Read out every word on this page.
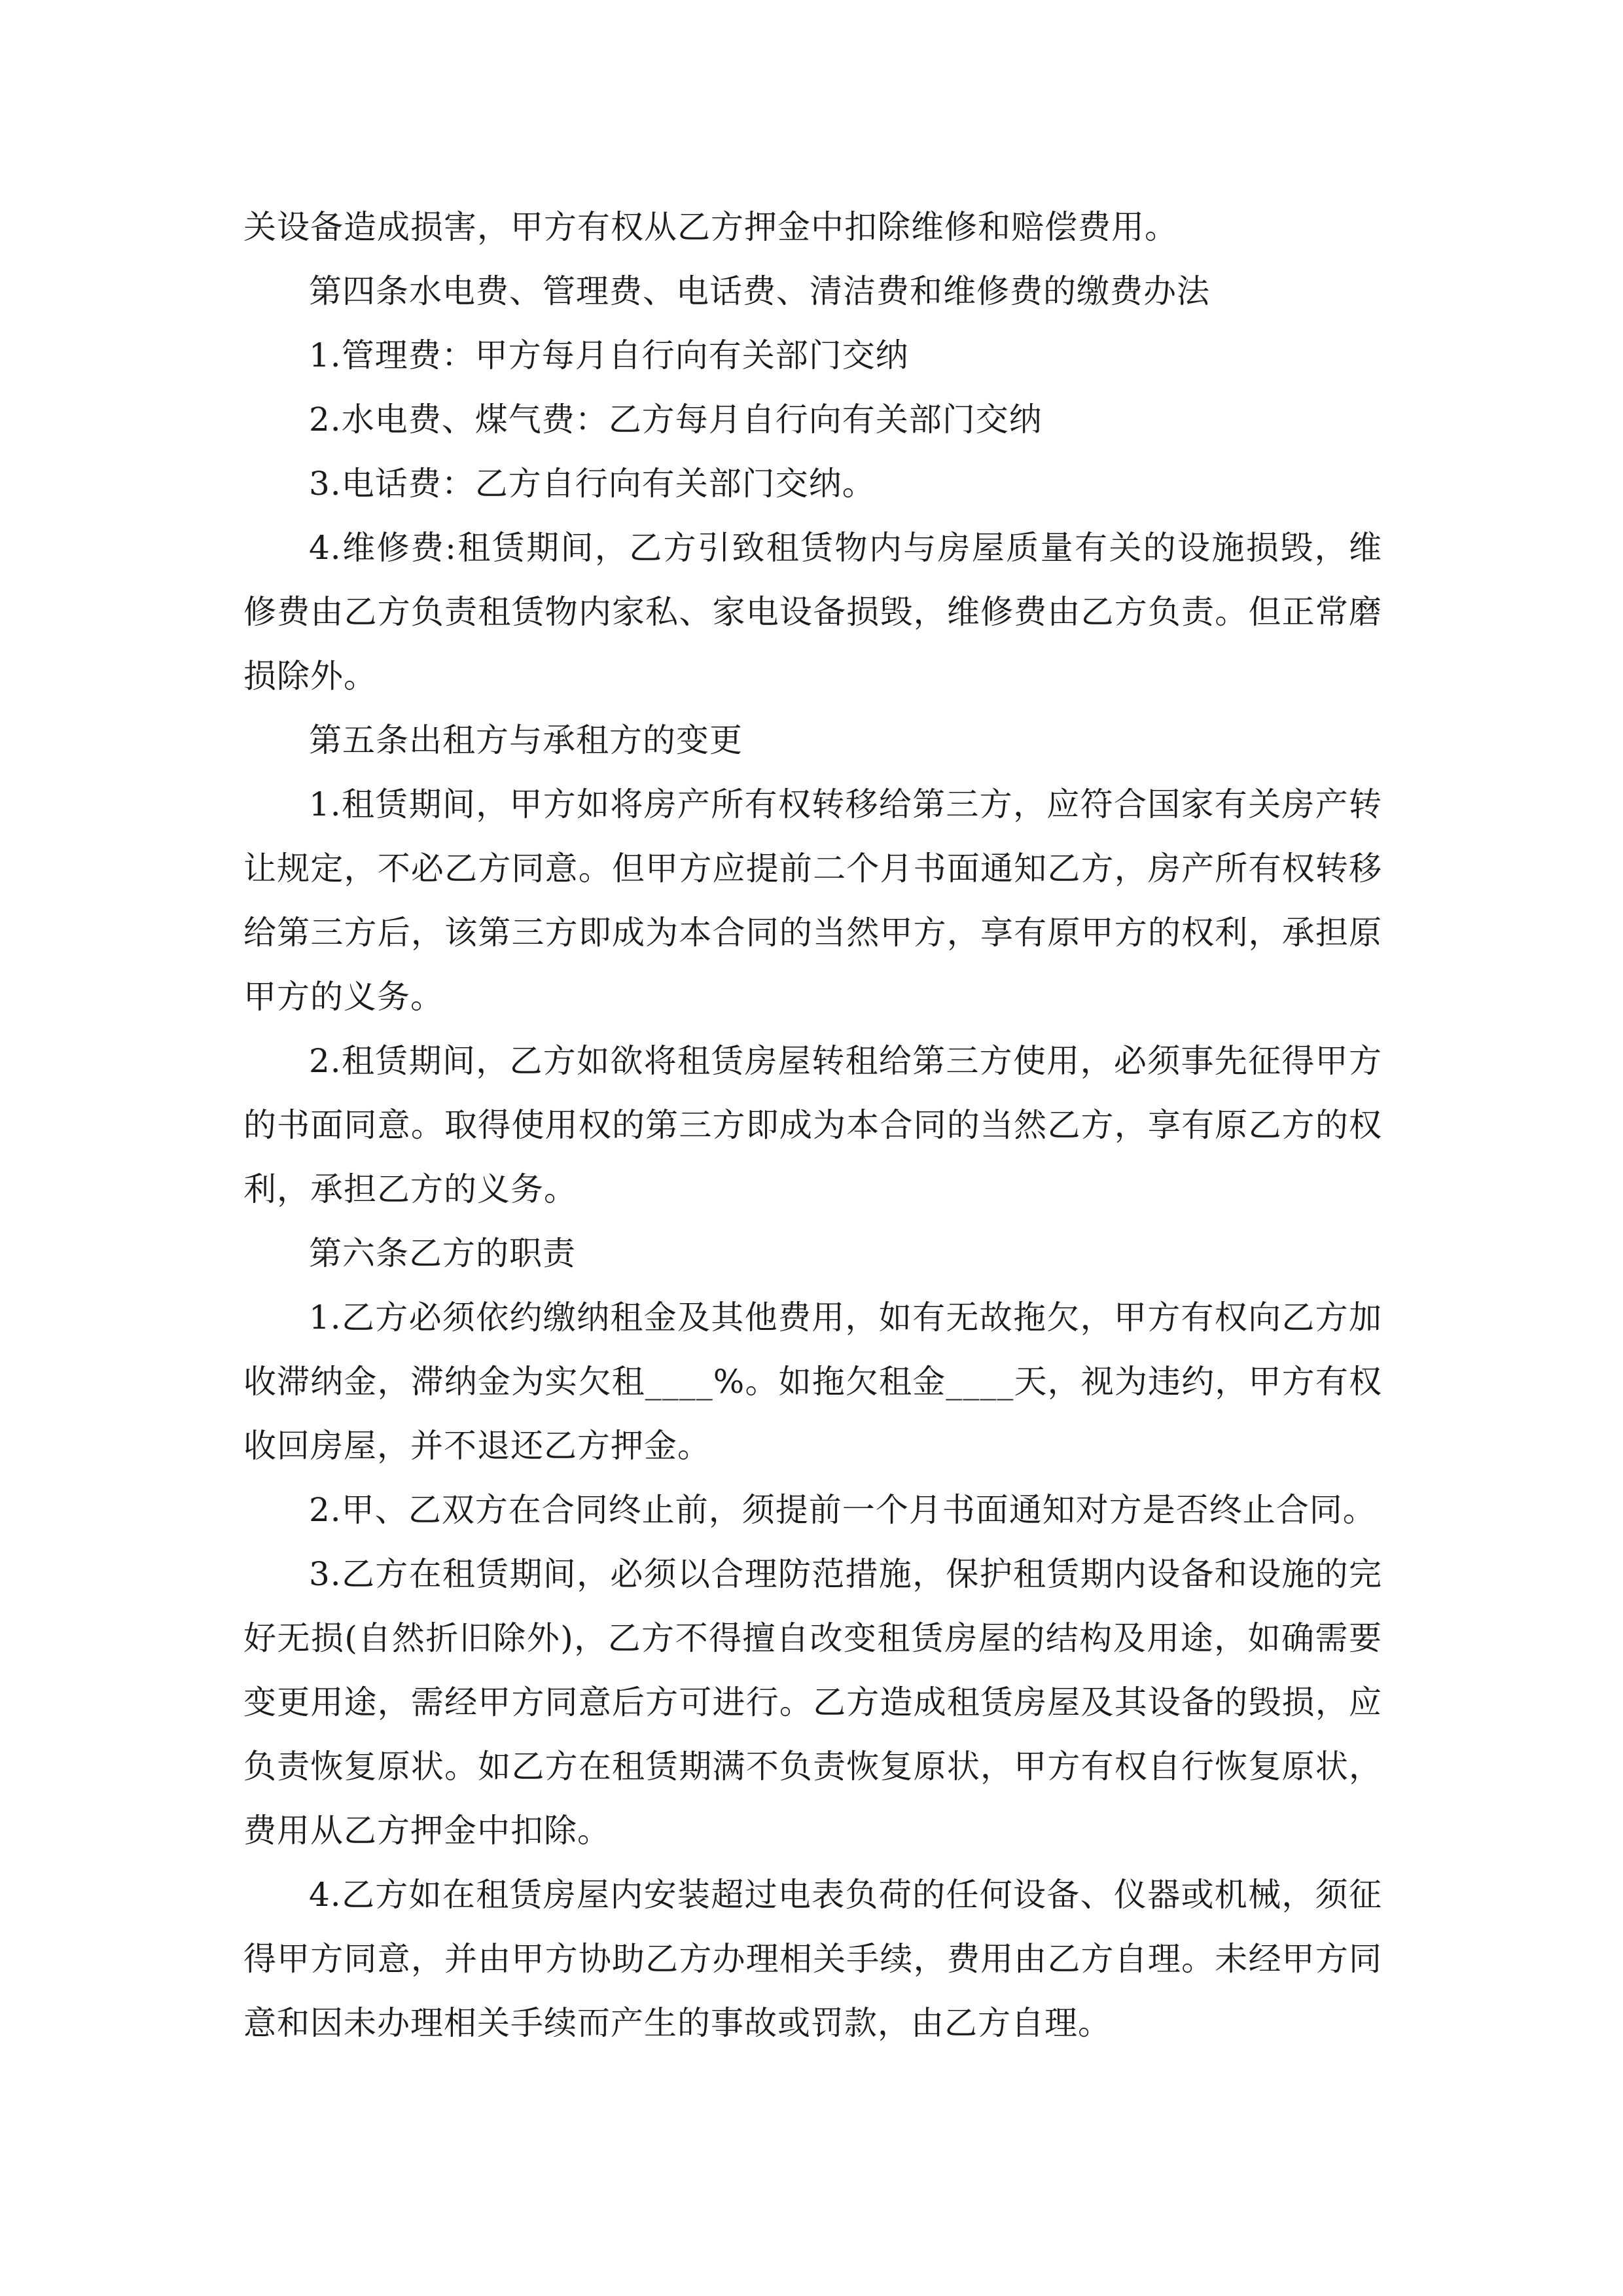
关设备造成损害，甲方有权从乙方押金中扣除维修和赔偿费用。

第四条水电费、管理费、电话费、清洁费和维修费的缴费办法

1.管理费：甲方每月自行向有关部门交纳

2.水电费、煤气费：乙方每月自行向有关部门交纳

3.电话费：乙方自行向有关部门交纳。

4.维修费:租赁期间，乙方引致租赁物内与房屋质量有关的设施损毁，维修费由乙方负责租赁物内家私、家电设备损毁，维修费由乙方负责。但正常磨损除外。

第五条出租方与承租方的变更

1.租赁期间，甲方如将房产所有权转移给第三方，应符合国家有关房产转让规定，不必乙方同意。但甲方应提前二个月书面通知乙方，房产所有权转移给第三方后，该第三方即成为本合同的当然甲方，享有原甲方的权利，承担原甲方的义务。

2.租赁期间，乙方如欲将租赁房屋转租给第三方使用，必须事先征得甲方的书面同意。取得使用权的第三方即成为本合同的当然乙方，享有原乙方的权利，承担乙方的义务。

第六条乙方的职责

1.乙方必须依约缴纳租金及其他费用，如有无故拖欠，甲方有权向乙方加收滞纳金，滞纳金为实欠租____%。如拖欠租金____天，视为违约，甲方有权收回房屋，并不退还乙方押金。

2.甲、乙双方在合同终止前，须提前一个月书面通知对方是否终止合同。

3.乙方在租赁期间，必须以合理防范措施，保护租赁期内设备和设施的完好无损(自然折旧除外)，乙方不得擅自改变租赁房屋的结构及用途，如确需要变更用途，需经甲方同意后方可进行。乙方造成租赁房屋及其设备的毁损，应负责恢复原状。如乙方在租赁期满不负责恢复原状，甲方有权自行恢复原状，费用从乙方押金中扣除。

4.乙方如在租赁房屋内安装超过电表负荷的任何设备、仪器或机械，须征得甲方同意，并由甲方协助乙方办理相关手续，费用由乙方自理。未经甲方同意和因未办理相关手续而产生的事故或罚款，由乙方自理。
